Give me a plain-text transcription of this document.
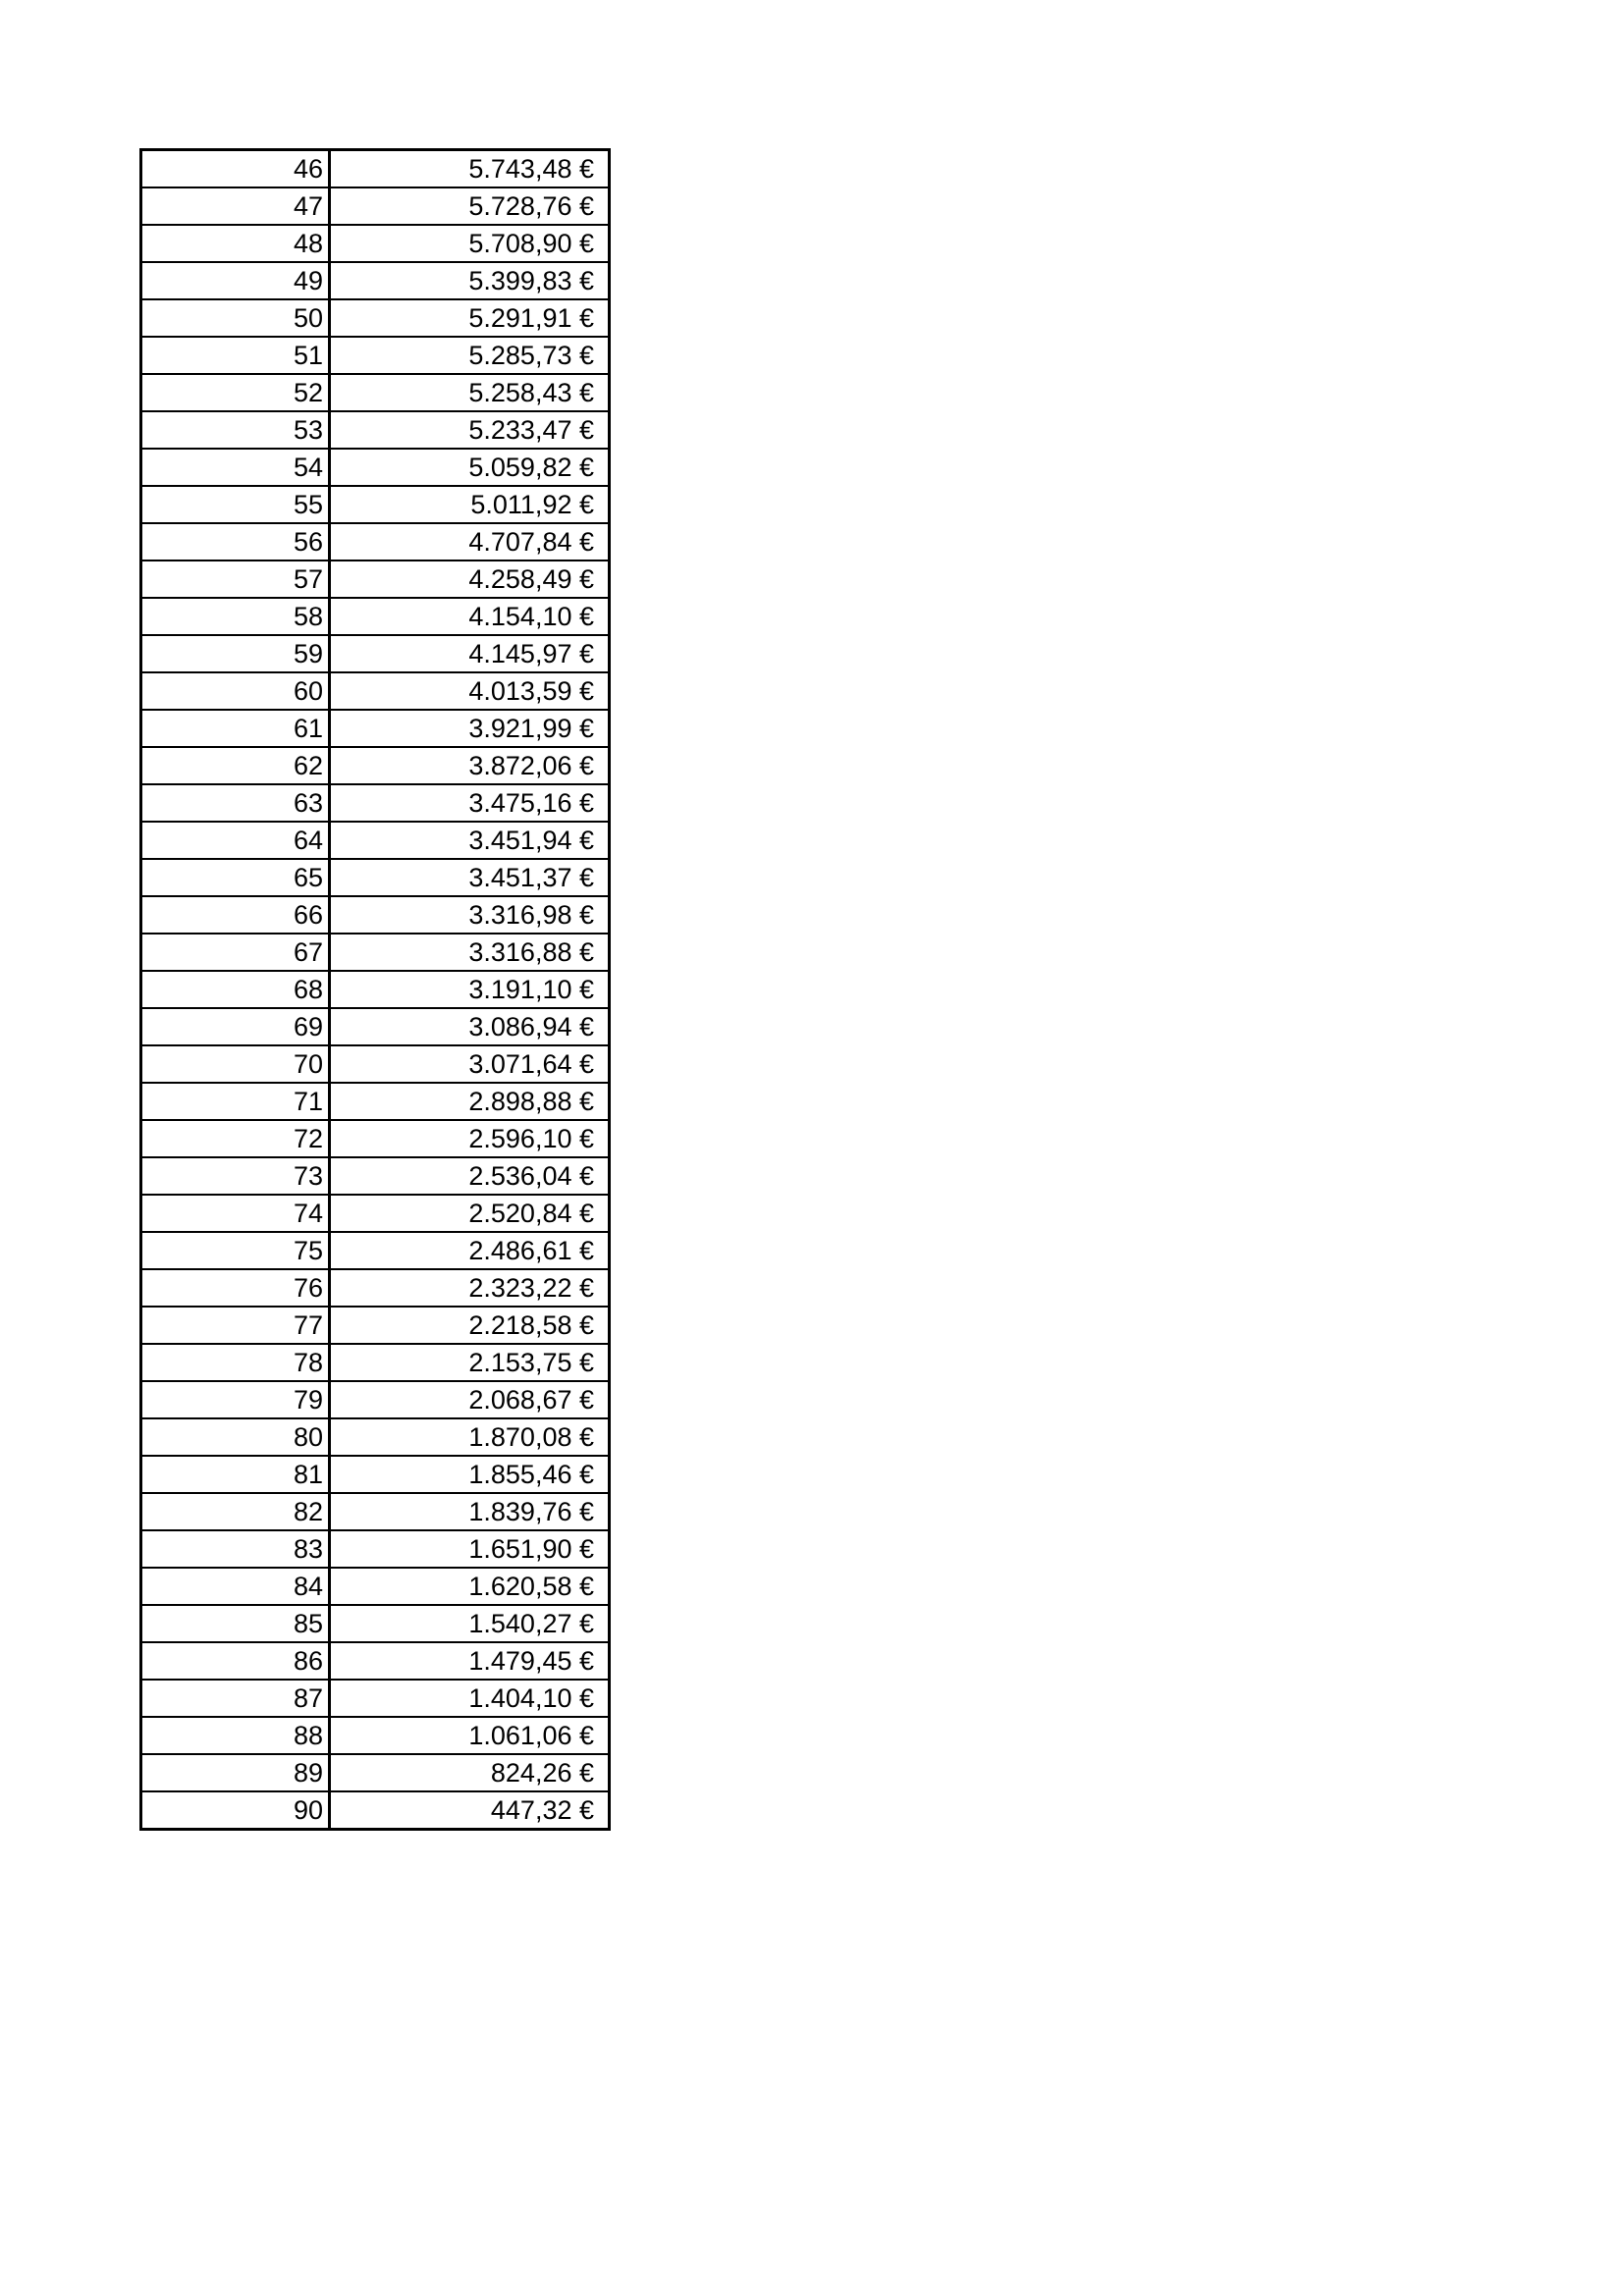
46	5.743,48 €
47	5.728,76 €
48	5.708,90 €
49	5.399,83 €
50	5.291,91 €
51	5.285,73 €
52	5.258,43 €
53	5.233,47 €
54	5.059,82 €
55	5.011,92 €
56	4.707,84 €
57	4.258,49 €
58	4.154,10 €
59	4.145,97 €
60	4.013,59 €
61	3.921,99 €
62	3.872,06 €
63	3.475,16 €
64	3.451,94 €
65	3.451,37 €
66	3.316,98 €
67	3.316,88 €
68	3.191,10 €
69	3.086,94 €
70	3.071,64 €
71	2.898,88 €
72	2.596,10 €
73	2.536,04 €
74	2.520,84 €
75	2.486,61 €
76	2.323,22 €
77	2.218,58 €
78	2.153,75 €
79	2.068,67 €
80	1.870,08 €
81	1.855,46 €
82	1.839,76 €
83	1.651,90 €
84	1.620,58 €
85	1.540,27 €
86	1.479,45 €
87	1.404,10 €
88	1.061,06 €
89	824,26 €
90	447,32 €
